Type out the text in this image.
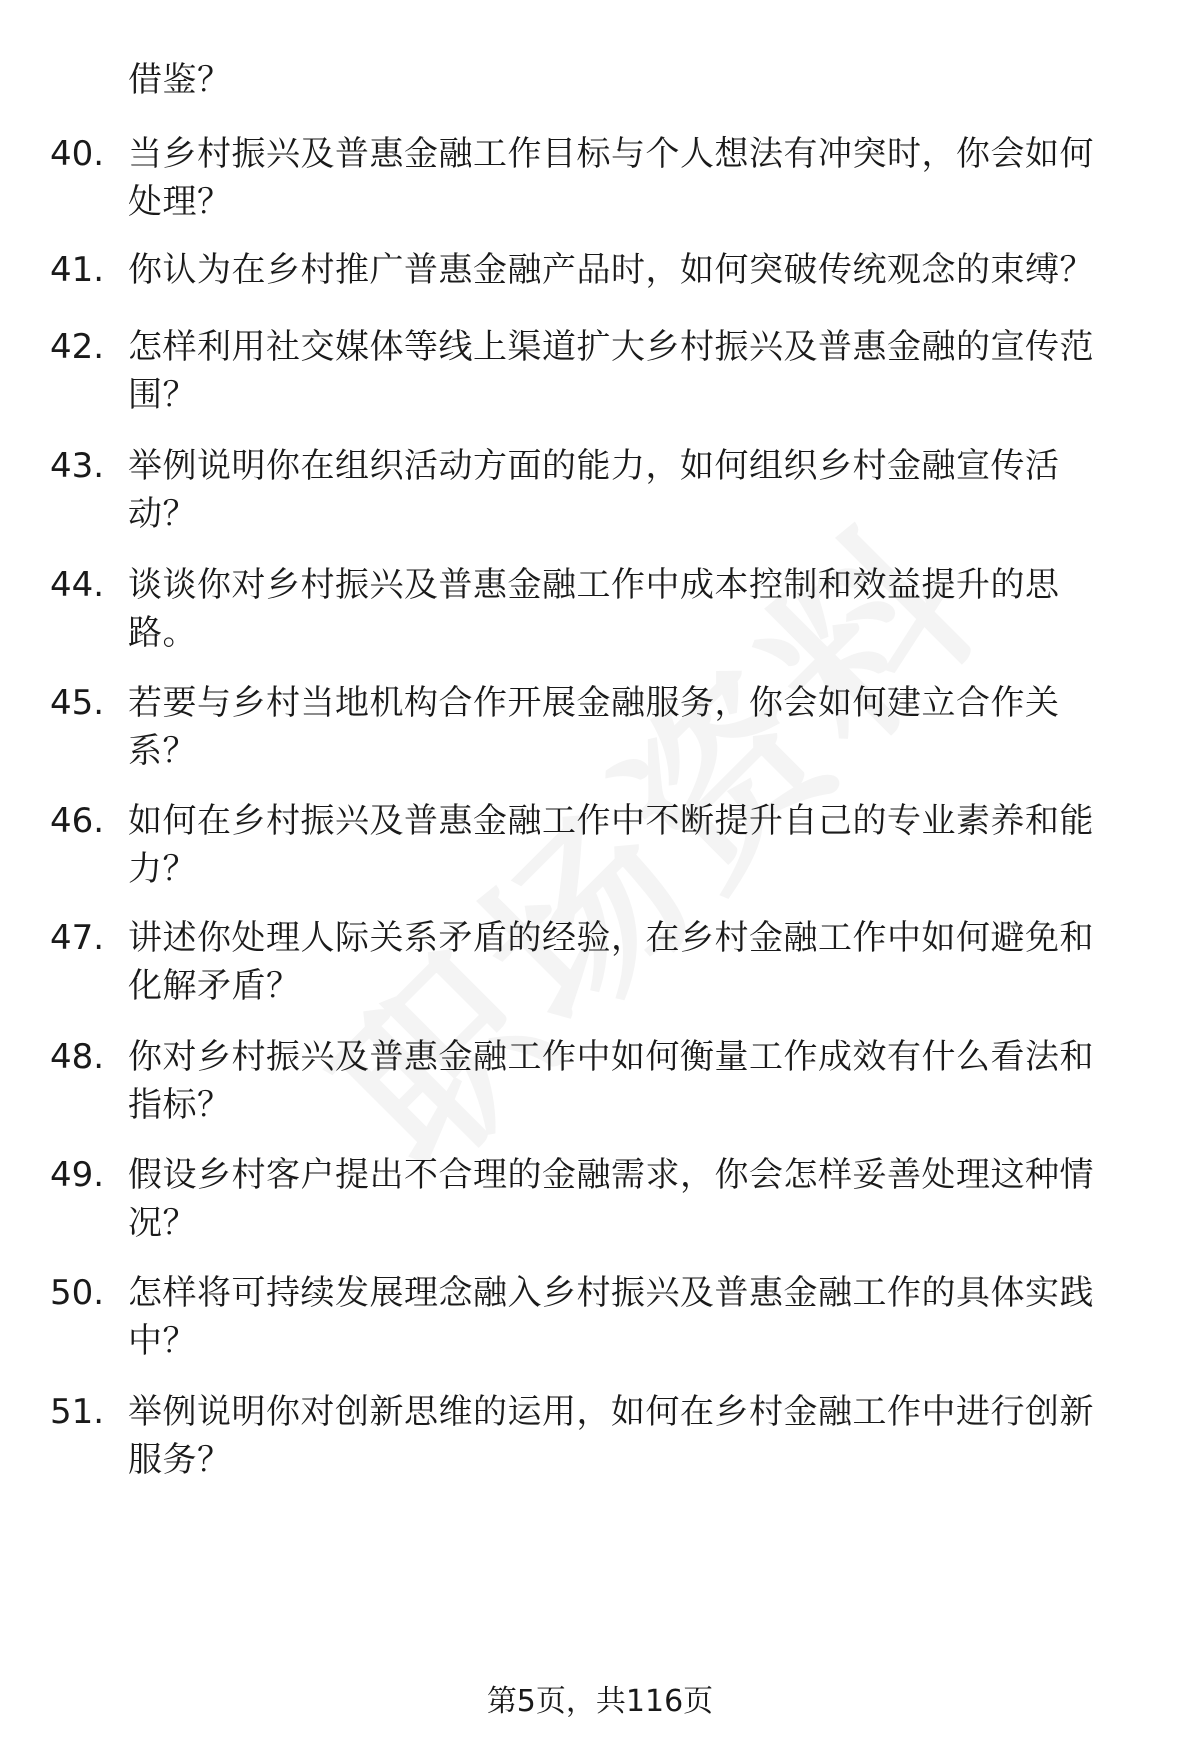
借鉴？
40. 当乡村振兴及普惠金融工作目标与个人想法有冲突时，你会如何
处理？
41. 你认为在乡村推广普惠金融产品时，如何突破传统观念的束缚？
42. 怎样利用社交媒体等线上渠道扩大乡村振兴及普惠金融的宣传范
围？
43. 举例说明你在组织活动方面的能力，如何组织乡村金融宣传活
动？
44. 谈谈你对乡村振兴及普惠金融工作中成本控制和效益提升的思
路。
45. 若要与乡村当地机构合作开展金融服务，你会如何建立合作关
系？
46. 如何在乡村振兴及普惠金融工作中不断提升自己的专业素养和能
力？
47. 讲述你处理人际关系矛盾的经验，在乡村金融工作中如何避免和
化解矛盾？
48. 你对乡村振兴及普惠金融工作中如何衡量工作成效有什么看法和
指标？
49. 假设乡村客户提出不合理的金融需求，你会怎样妥善处理这种情
况？
50. 怎样将可持续发展理念融入乡村振兴及普惠金融工作的具体实践
中？
51. 举例说明你对创新思维的运用，如何在乡村金融工作中进行创新
服务？
第5页，共116页
